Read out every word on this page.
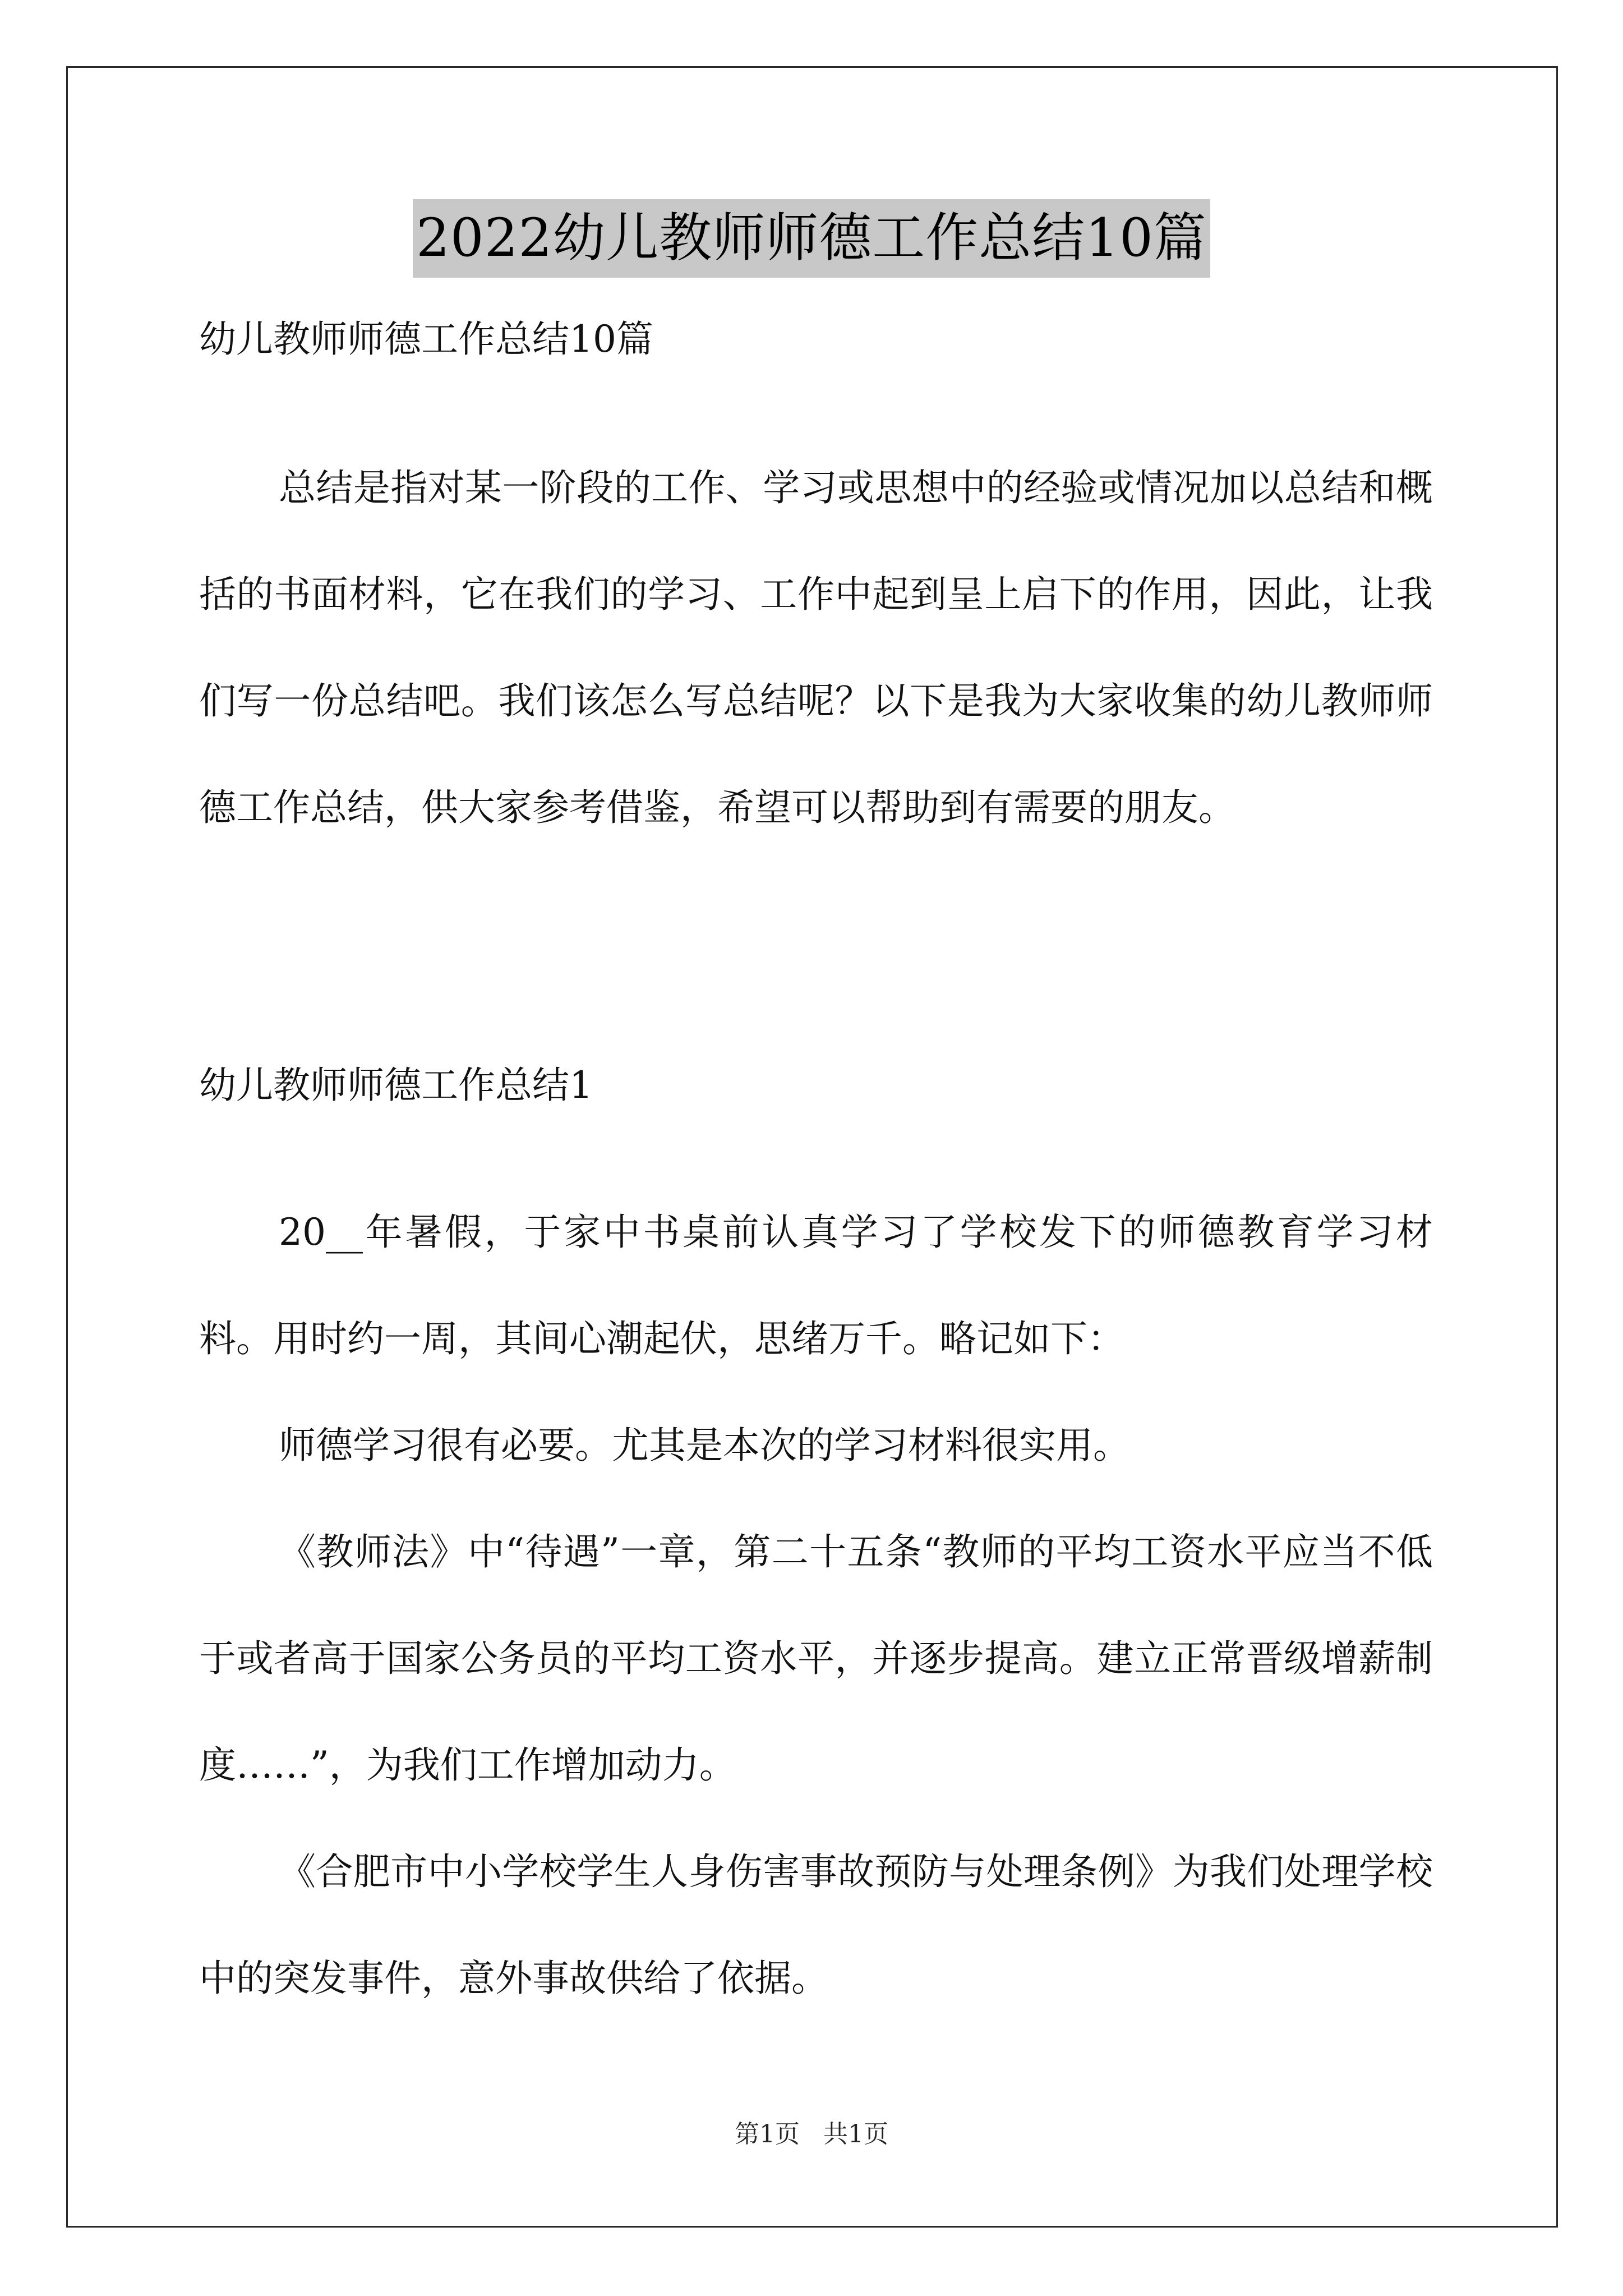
2022幼儿教师师德工作总结10篇
幼儿教师师德工作总结10篇

总结是指对某一阶段的工作、学习或思想中的经验或情况加以总结和概括的书面材料，它在我们的学习、工作中起到呈上启下的作用，因此，让我们写一份总结吧。我们该怎么写总结呢？以下是我为大家收集的幼儿教师师德工作总结，供大家参考借鉴，希望可以帮助到有需要的朋友。

幼儿教师师德工作总结1

20__年暑假，于家中书桌前认真学习了学校发下的师德教育学习材料。用时约一周，其间心潮起伏，思绪万千。略记如下：

师德学习很有必要。尤其是本次的学习材料很实用。

《教师法》中“待遇”一章，第二十五条“教师的平均工资水平应当不低于或者高于国家公务员的平均工资水平，并逐步提高。建立正常晋级增薪制度……”，为我们工作增加动力。

《合肥市中小学校学生人身伤害事故预防与处理条例》为我们处理学校中的突发事件，意外事故供给了依据。

第1页   共1页
